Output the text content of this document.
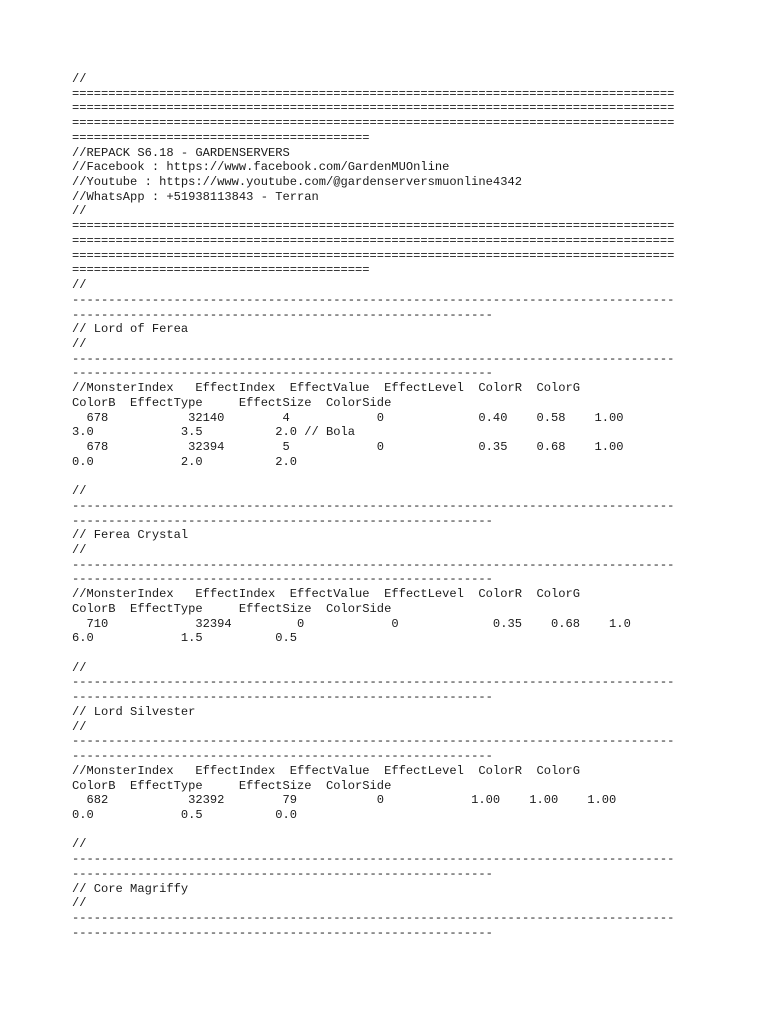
//
===================================================================================
===================================================================================
===================================================================================
=========================================
//REPACK S6.18 - GARDENSERVERS
//Facebook : https://www.facebook.com/GardenMUOnline
//Youtube : https://www.youtube.com/@gardenserversmuonline4342
//WhatsApp : +51938113843 - Terran
//
===================================================================================
===================================================================================
===================================================================================
=========================================
//
-----------------------------------------------------------------------------------
----------------------------------------------------------
// Lord of Ferea
//
-----------------------------------------------------------------------------------
----------------------------------------------------------
//MonsterIndex   EffectIndex  EffectValue  EffectLevel  ColorR  ColorG
ColorB  EffectType     EffectSize  ColorSide
678           32140        4            0             0.40    0.58    1.00
3.0            3.5          2.0 // Bola
678           32394        5            0             0.35    0.68    1.00
0.0            2.0          2.0

//
-----------------------------------------------------------------------------------
----------------------------------------------------------
// Ferea Crystal
//
-----------------------------------------------------------------------------------
----------------------------------------------------------
//MonsterIndex   EffectIndex  EffectValue  EffectLevel  ColorR  ColorG
ColorB  EffectType     EffectSize  ColorSide
710            32394         0            0             0.35    0.68    1.0
6.0            1.5          0.5

//
-----------------------------------------------------------------------------------
----------------------------------------------------------
// Lord Silvester
//
-----------------------------------------------------------------------------------
----------------------------------------------------------
//MonsterIndex   EffectIndex  EffectValue  EffectLevel  ColorR  ColorG
ColorB  EffectType     EffectSize  ColorSide
682           32392        79           0            1.00    1.00    1.00
0.0            0.5          0.0

//
-----------------------------------------------------------------------------------
----------------------------------------------------------
// Core Magriffy
//
-----------------------------------------------------------------------------------
----------------------------------------------------------
